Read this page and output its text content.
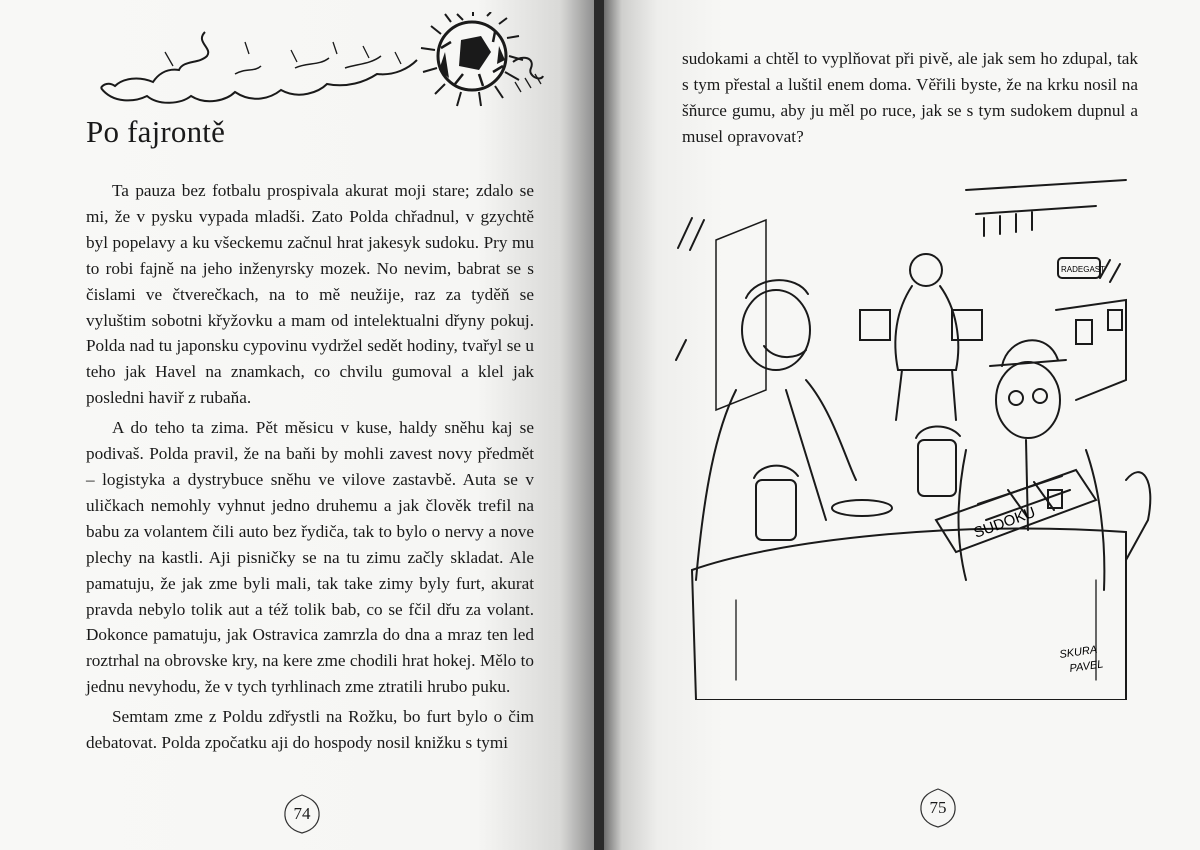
Po fajrontě

Ta pauza bez fotbalu prospivala akurat moji stare; zdalo se mi, že v pysku vypada mladši. Zato Polda chřadnul, v gzychtě byl popelavy a ku všeckemu začnul hrat jakesyk sudoku. Pry mu to robi fajně na jeho inženyrsky mozek. No nevim, babrat se s čislami ve čtverečkach, na to mě neužije, raz za tyděň se vyluštim sobotni křyžovku a mam od intelektualni dřyny pokuj. Polda nad tu japonsku cypovinu vydržel sedět hodiny, tvařyl se u teho jak Havel na znamkach, co chvilu gumoval a klel jak posledni haviř z rubaňa.

A do teho ta zima. Pět měsicu v kuse, haldy sněhu kaj se podivaš. Polda pravil, že na baňi by mohli zavest novy předmět – logistyka a dystrybuce sněhu ve vilove zastavbě. Auta se v uličkach nemohly vyhnut jedno druhemu a jak člověk trefil na babu za volantem čili auto bez řydiča, tak to bylo o nervy a nove plechy na kastli. Aji pisničky se na tu zimu začly skladat. Ale pamatuju, že jak zme byli mali, tak take zimy byly furt, akurat pravda nebylo tolik aut a též tolik bab, co se fčil dřu za volant. Dokonce pamatuju, jak Ostravica zamrzla do dna a mraz ten led roztrhal na obrovske kry, na kere zme chodili hrat hokej. Mělo to jednu nevyhodu, že v tych tyrhlinach zme ztratili hrubo puku.

Semtam zme z Poldu zdřystli na Rožku, bo furt bylo o čim debatovat. Polda zpočatku aji do hospody nosil knižku s tymi

74

sudokami a chtěl to vyplňovat při pivě, ale jak sem ho zdupal, tak s tym přestal a luštil enem doma. Věřili byste, že na krku nosil na šňurce gumu, aby ju měl po ruce, jak se s tym sudokem dupnul a musel opravovat?

SUDOKU
RADEGAST
SKURA
PAVEL
75
